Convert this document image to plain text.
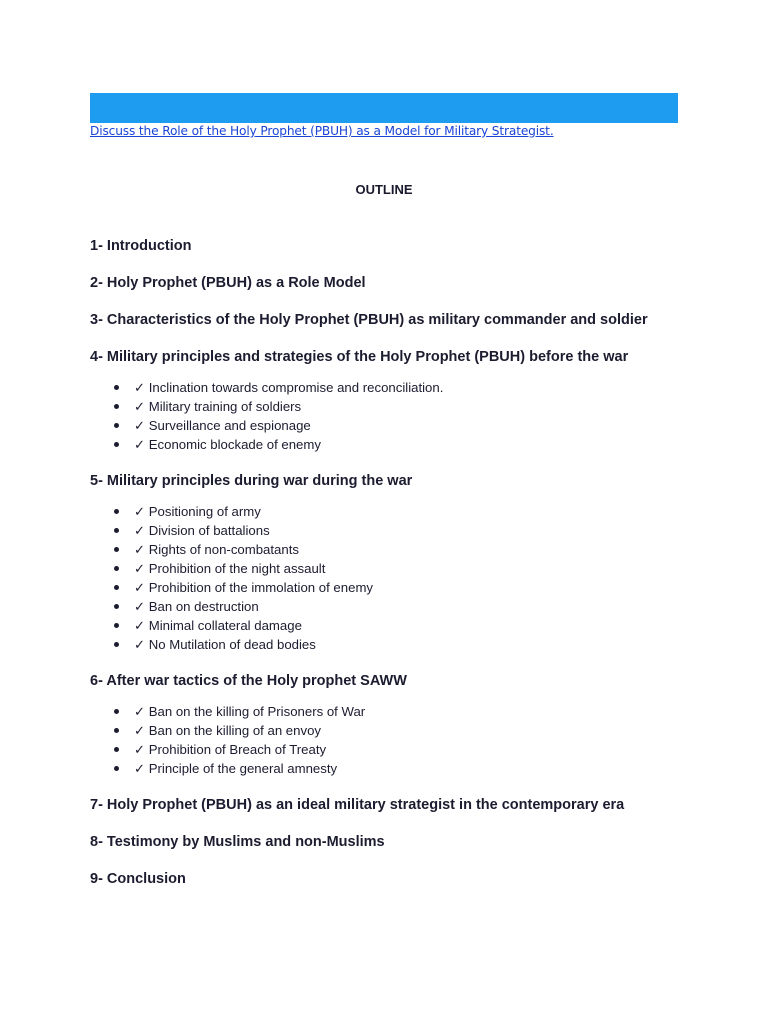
Discuss the Role of the Holy Prophet (PBUH) as a Model for Military Strategist.
OUTLINE
1- Introduction
2- Holy Prophet (PBUH) as a Role Model
3- Characteristics of the Holy Prophet (PBUH) as military commander and soldier
4- Military principles and strategies of the Holy Prophet (PBUH) before the war
✓ Inclination towards compromise and reconciliation.
✓ Military training of soldiers
✓ Surveillance and espionage
✓ Economic blockade of enemy
5- Military principles during war during the war
✓ Positioning of army
✓ Division of battalions
✓ Rights of non-combatants
✓ Prohibition of the night assault
✓ Prohibition of the immolation of enemy
✓ Ban on destruction
✓ Minimal collateral damage
✓ No Mutilation of dead bodies
6- After war tactics of the Holy prophet SAWW
✓ Ban on the killing of Prisoners of War
✓ Ban on the killing of an envoy
✓ Prohibition of Breach of Treaty
✓ Principle of the general amnesty
7- Holy Prophet (PBUH) as an ideal military strategist in the contemporary era
8- Testimony by Muslims and non-Muslims
9- Conclusion
